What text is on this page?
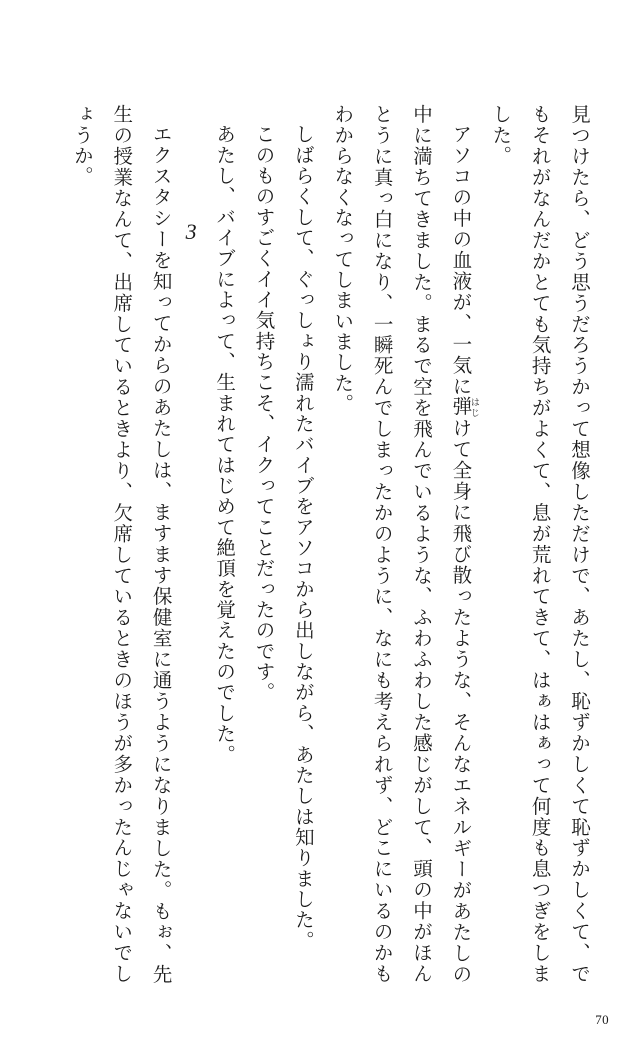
見つけたら、どう思うだろうかって想像しただけで、あたし、恥ずかしくて恥ずかしくて、でもそれがなんだかとても気持ちがよくて、息が荒れてきて、はぁはぁって何度も息つぎをしました。

アソコの中の血液が、一気に弾 はじけて全身に飛び散ったような、そんなエネルギーがあたしの中に満ちてきました。まるで空を飛んでいるような、ふわふわした感じがして、頭の中がほんとうに真っ白になり、一瞬死んでしまったかのように、なにも考えられず、どこにいるのかもわからなくなってしまいました。

しばらくして、ぐっしょり濡れたバイブをアソコから出しながら、あたしは知りました。

このものすごくイイ気持ちこそ、イクってことだったのです。

あたし、バイブによって、生まれてはじめて絶頂を覚えたのでした。

3

エクスタシーを知ってからのあたしは、ますます保健室に通うようになりました。もぉ、先生の授業なんて、出席しているときより、欠席しているときのほうが多かったんじゃないでしょうか。

70
